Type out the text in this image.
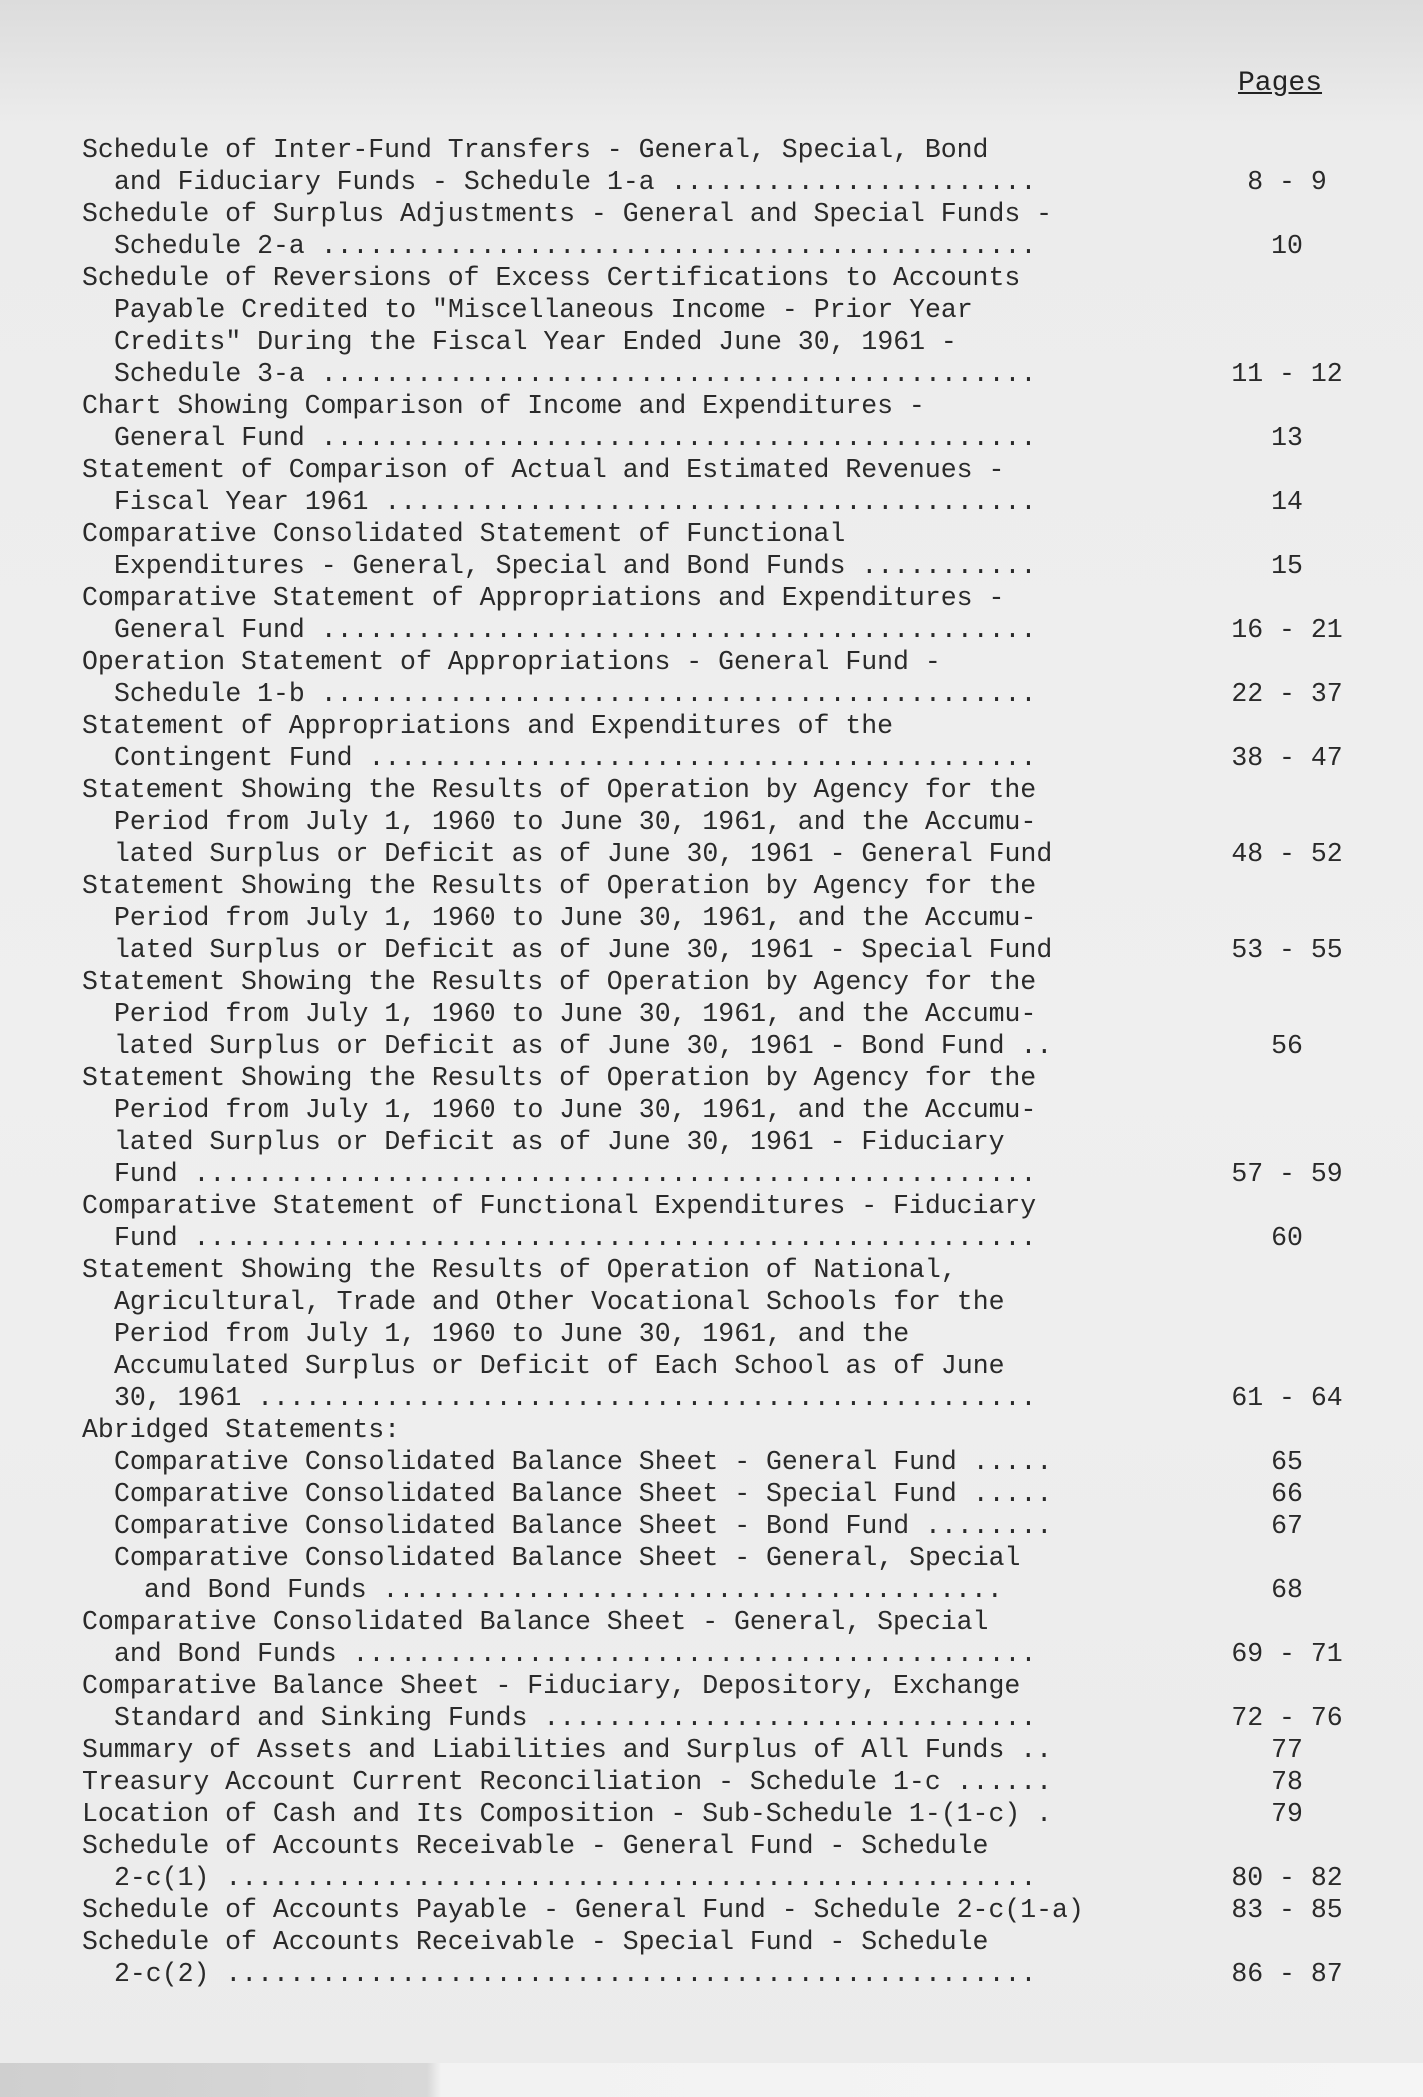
Pages
Schedule of Inter-Fund Transfers - General, Special, Bond
and Fiduciary Funds - Schedule 1-a .......................	8 - 9
Schedule of Surplus Adjustments - General and Special Funds -
Schedule 2-a .............................................	10
Schedule of Reversions of Excess Certifications to Accounts
Payable Credited to "Miscellaneous Income - Prior Year
Credits" During the Fiscal Year Ended June 30, 1961 -
Schedule 3-a .............................................	11 - 12
Chart Showing Comparison of Income and Expenditures -
General Fund .............................................	13
Statement of Comparison of Actual and Estimated Revenues -
Fiscal Year 1961 .........................................	14
Comparative Consolidated Statement of Functional
Expenditures - General, Special and Bond Funds ...........	15
Comparative Statement of Appropriations and Expenditures -
General Fund .............................................	16 - 21
Operation Statement of Appropriations - General Fund -
Schedule 1-b .............................................	22 - 37
Statement of Appropriations and Expenditures of the
Contingent Fund ..........................................	38 - 47
Statement Showing the Results of Operation by Agency for the
Period from July 1, 1960 to June 30, 1961, and the Accumu-
lated Surplus or Deficit as of June 30, 1961 - General Fund	48 - 52
Statement Showing the Results of Operation by Agency for the
Period from July 1, 1960 to June 30, 1961, and the Accumu-
lated Surplus or Deficit as of June 30, 1961 - Special Fund	53 - 55
Statement Showing the Results of Operation by Agency for the
Period from July 1, 1960 to June 30, 1961, and the Accumu-
lated Surplus or Deficit as of June 30, 1961 - Bond Fund ..	56
Statement Showing the Results of Operation by Agency for the
Period from July 1, 1960 to June 30, 1961, and the Accumu-
lated Surplus or Deficit as of June 30, 1961 - Fiduciary
Fund .....................................................	57 - 59
Comparative Statement of Functional Expenditures - Fiduciary
Fund .....................................................	60
Statement Showing the Results of Operation of National,
Agricultural, Trade and Other Vocational Schools for the
Period from July 1, 1960 to June 30, 1961, and the
Accumulated Surplus or Deficit of Each School as of June
30, 1961 .................................................	61 - 64
Abridged Statements:
Comparative Consolidated Balance Sheet - General Fund .....	65
Comparative Consolidated Balance Sheet - Special Fund .....	66
Comparative Consolidated Balance Sheet - Bond Fund ........	67
Comparative Consolidated Balance Sheet - General, Special
and Bond Funds .......................................	68
Comparative Consolidated Balance Sheet - General, Special
and Bond Funds ...........................................	69 - 71
Comparative Balance Sheet - Fiduciary, Depository, Exchange
Standard and Sinking Funds ...............................	72 - 76
Summary of Assets and Liabilities and Surplus of All Funds ..	77
Treasury Account Current Reconciliation - Schedule 1-c ......	78
Location of Cash and Its Composition - Sub-Schedule 1-(1-c) .	79
Schedule of Accounts Receivable - General Fund - Schedule
2-c(1) ...................................................	80 - 82
Schedule of Accounts Payable - General Fund - Schedule 2-c(1-a)	83 - 85
Schedule of Accounts Receivable - Special Fund - Schedule
2-c(2) ...................................................	86 - 87
